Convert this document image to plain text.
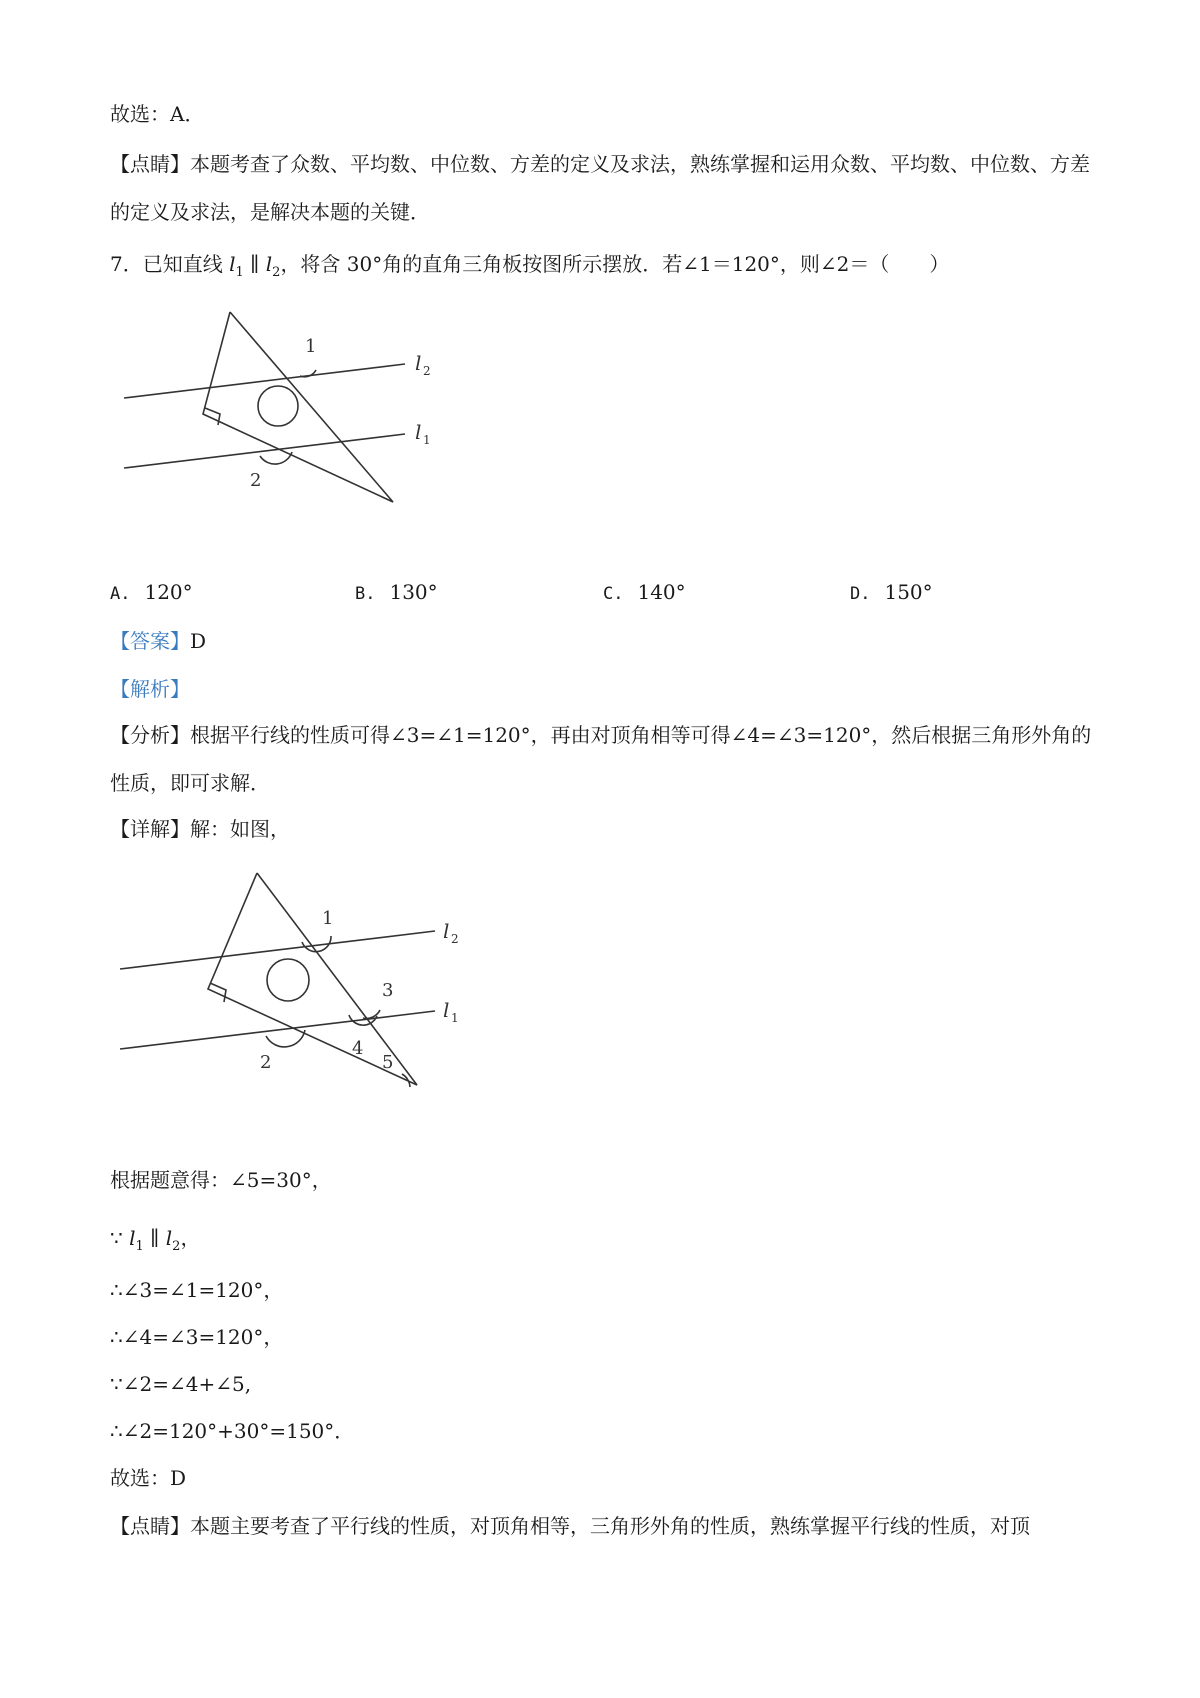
故选：A．
【点睛】本题考查了众数、平均数、中位数、方差的定义及求法，熟练掌握和运用众数、平均数、中位数、方差的定义及求法，是解决本题的关键．
7．已知直线 $l_1$ ∥ $l_2$，将含 30°角的直角三角板按图所示摆放．若∠1＝120°，则∠2＝（　　）
1
2
l 2
l 1
A. 120°	B. 130°	C. 140°	D. 150°
【答案】D
【解析】
【分析】根据平行线的性质可得∠3=∠1=120°，再由对顶角相等可得∠4=∠3=120°，然后根据三角形外角的性质，即可求解．
【详解】解：如图，
1
2
3
4
5
l 2
l 1
根据题意得：∠5=30°，
∵ $l_1$ ∥ $l_2$，
∴∠3=∠1=120°，
∴∠4=∠3=120°，
∵∠2=∠4+∠5,
∴∠2=120°+30°=150°．
故选：D
【点睛】本题主要考查了平行线的性质，对顶角相等，三角形外角的性质，熟练掌握平行线的性质，对顶
